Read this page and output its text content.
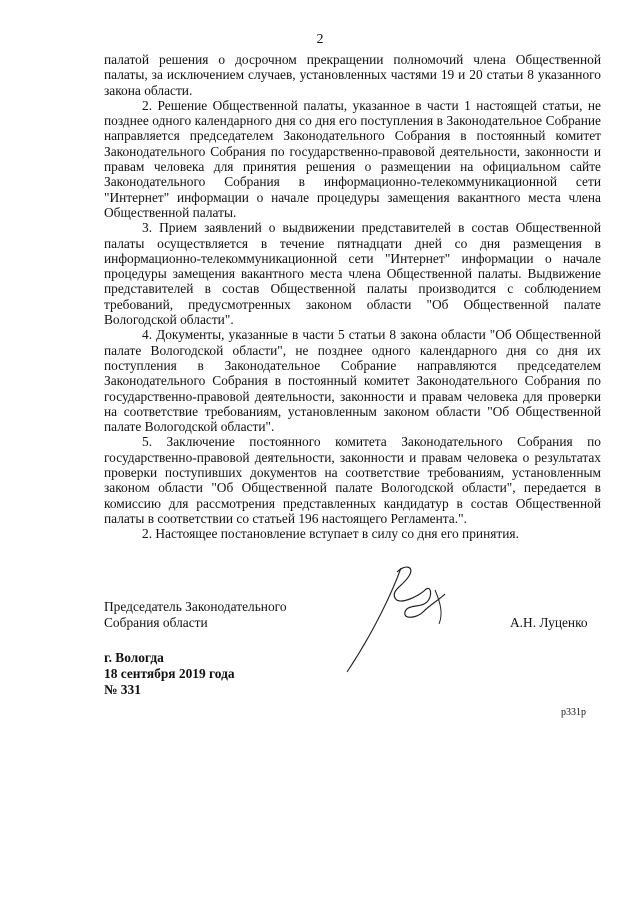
2

палатой решения о досрочном прекращении полномочий члена Общественной палаты, за исключением случаев, установленных частями 19 и 20 статьи 8 указанного закона области.

2. Решение Общественной палаты, указанное в части 1 настоящей статьи, не позднее одного календарного дня со дня его поступления в Законодательное Собрание направляется председателем Законодательного Собрания в постоянный комитет Законодательного Собрания по государственно-правовой деятельности, законности и правам человека для принятия решения о размещении на официальном сайте Законодательного Собрания в информационно-телекоммуникационной сети "Интернет" информации о начале процедуры замещения вакантного места члена Общественной палаты.

3. Прием заявлений о выдвижении представителей в состав Общественной палаты осуществляется в течение пятнадцати дней со дня размещения в информационно-телекоммуникационной сети "Интернет" информации о начале процедуры замещения вакантного места члена Общественной палаты. Выдвижение представителей в состав Общественной палаты производится с соблюдением требований, предусмотренных законом области "Об Общественной палате Вологодской области".

4. Документы, указанные в части 5 статьи 8 закона области "Об Общественной палате Вологодской области", не позднее одного календарного дня со дня их поступления в Законодательное Собрание направляются председателем Законодательного Собрания в постоянный комитет Законодательного Собрания по государственно-правовой деятельности, законности и правам человека для проверки на соответствие требованиям, установленным законом области "Об Общественной палате Вологодской области".

5. Заключение постоянного комитета Законодательного Собрания по государственно-правовой деятельности, законности и правам человека о результатах проверки поступивших документов на соответствие требованиям, установленным законом области "Об Общественной палате Вологодской области", передается в комиссию для рассмотрения представленных кандидатур в состав Общественной палаты в соответствии со статьей 196 настоящего Регламента.".

2. Настоящее постановление вступает в силу со дня его принятия.

Председатель Законодательного
Собрания области	А.Н. Луценко
г. Вологда
18 сентября 2019 года
№ 331
p331p
